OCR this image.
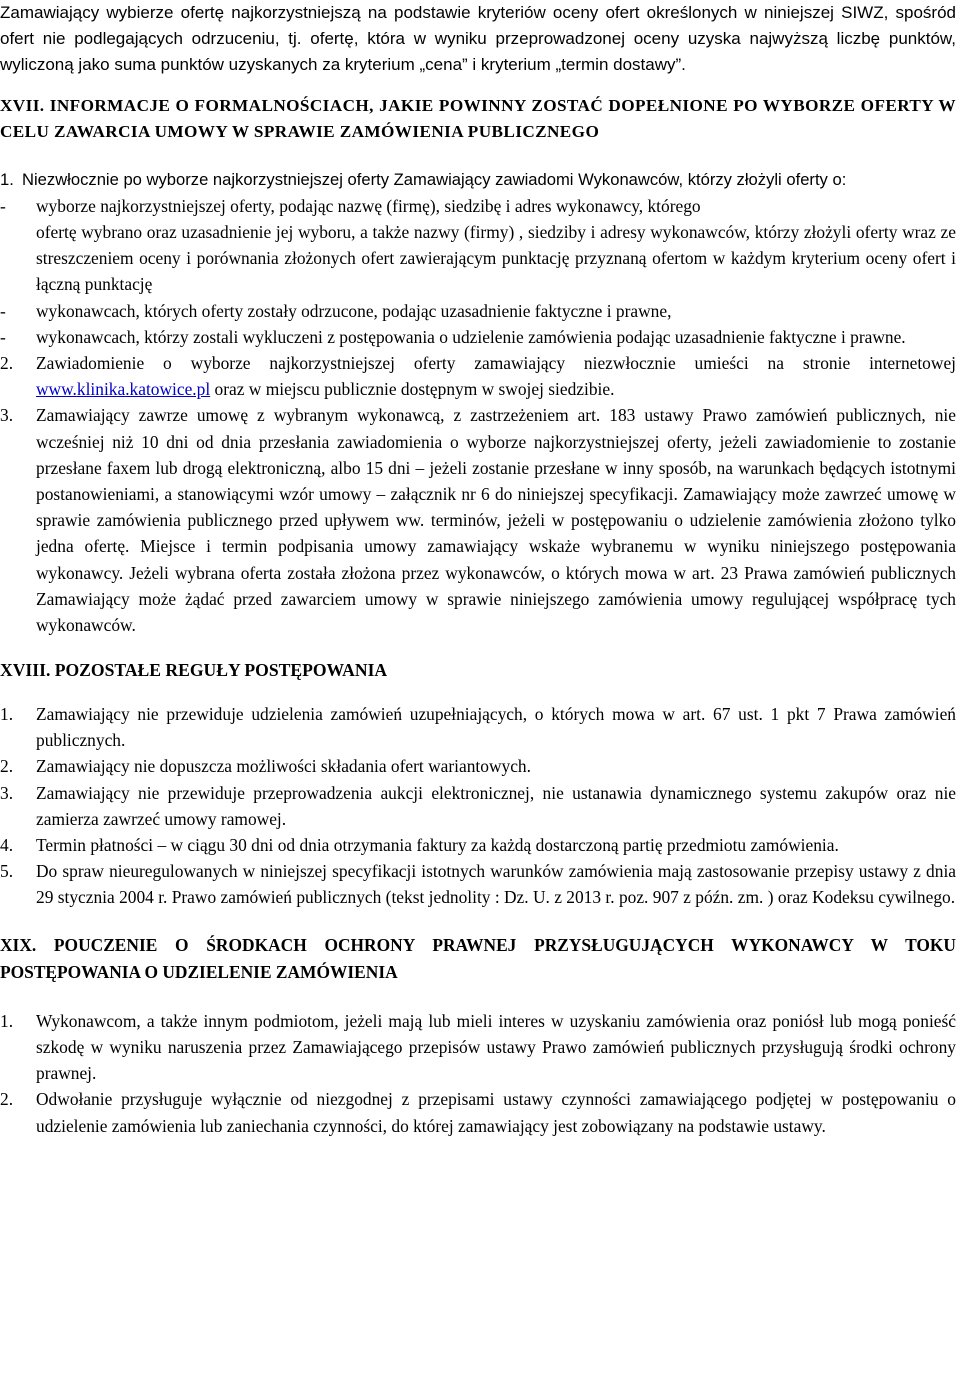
Zamawiający wybierze ofertę najkorzystniejszą na podstawie kryteriów oceny ofert określonych w niniejszej SIWZ, spośród ofert nie podlegających odrzuceniu, tj. ofertę, która w wyniku przeprowadzonej oceny uzyska najwyższą liczbę punktów, wyliczoną jako suma punktów uzyskanych za kryterium „cena” i kryterium „termin dostawy”.

XVII. INFORMACJE O FORMALNOŚCIACH, JAKIE POWINNY ZOSTAĆ DOPEŁNIONE PO WYBORZE OFERTY W CELU ZAWARCIA UMOWY W SPRAWIE ZAMÓWIENIA PUBLICZNEGO

1. Niezwłocznie po wyborze najkorzystniejszej oferty Zamawiający zawiadomi Wykonawców, którzy złożyli oferty o:
- wyborze najkorzystniejszej oferty, podając nazwę (firmę), siedzibę i adres wykonawcy, którego

ofertę wybrano oraz uzasadnienie jej wyboru, a także nazwy (firmy) , siedziby i adresy wykonawców, którzy złożyli oferty wraz ze streszczeniem oceny i porównania złożonych ofert zawierającym punktację przyznaną ofertom w każdym kryterium oceny ofert i łączną punktację

- wykonawcach, których oferty zostały odrzucone, podając uzasadnienie faktyczne i prawne,
- wykonawcach, którzy zostali wykluczeni z postępowania o udzielenie zamówienia podając uzasadnienie faktyczne i prawne.
2. Zawiadomienie o wyborze najkorzystniejszej oferty zamawiający niezwłocznie umieści na stronie internetowej www.klinika.katowice.pl oraz w miejscu publicznie dostępnym w swojej siedzibie.
3. Zamawiający zawrze umowę z wybranym wykonawcą, z zastrzeżeniem art. 183 ustawy Prawo zamówień publicznych, nie wcześniej niż 10 dni od dnia przesłania zawiadomienia o wyborze najkorzystniejszej oferty, jeżeli zawiadomienie to zostanie przesłane faxem lub drogą elektroniczną, albo 15 dni – jeżeli zostanie przesłane w inny sposób, na warunkach będących istotnymi postanowieniami, a stanowiącymi wzór umowy – załącznik nr 6 do niniejszej specyfikacji. Zamawiający może zawrzeć umowę w sprawie zamówienia publicznego przed upływem ww. terminów, jeżeli w postępowaniu o udzielenie zamówienia złożono tylko jedna ofertę. Miejsce i termin podpisania umowy zamawiający wskaże wybranemu w wyniku niniejszego postępowania wykonawcy. Jeżeli wybrana oferta została złożona przez wykonawców, o których mowa w art. 23 Prawa zamówień publicznych Zamawiający może żądać przed zawarciem umowy w sprawie niniejszego zamówienia umowy regulującej współpracę tych wykonawców.

XVIII. POZOSTAŁE REGUŁY POSTĘPOWANIA

1. Zamawiający nie przewiduje udzielenia zamówień uzupełniających, o których mowa w art. 67 ust. 1 pkt 7 Prawa zamówień publicznych.
2. Zamawiający nie dopuszcza możliwości składania ofert wariantowych.
3. Zamawiający nie przewiduje przeprowadzenia aukcji elektronicznej, nie ustanawia dynamicznego systemu zakupów oraz nie zamierza zawrzeć umowy ramowej.
4. Termin płatności – w ciągu 30 dni od dnia otrzymania faktury za każdą dostarczoną partię przedmiotu zamówienia.
5. Do spraw nieuregulowanych w niniejszej specyfikacji istotnych warunków zamówienia mają zastosowanie przepisy ustawy z dnia 29 stycznia 2004 r. Prawo zamówień publicznych (tekst jednolity : Dz. U. z 2013 r. poz. 907 z późn. zm. ) oraz Kodeksu cywilnego.

XIX. POUCZENIE O ŚRODKACH OCHRONY PRAWNEJ PRZYSŁUGUJĄCYCH WYKONAWCY W TOKU POSTĘPOWANIA O UDZIELENIE ZAMÓWIENIA

1. Wykonawcom, a także innym podmiotom, jeżeli mają lub mieli interes w uzyskaniu zamówienia oraz poniósł lub mogą ponieść szkodę w wyniku naruszenia przez Zamawiającego przepisów ustawy Prawo zamówień publicznych przysługują środki ochrony prawnej.
2. Odwołanie przysługuje wyłącznie od niezgodnej z przepisami ustawy czynności zamawiającego podjętej w postępowaniu o udzielenie zamówienia lub zaniechania czynności, do której zamawiający jest zobowiązany na podstawie ustawy.
